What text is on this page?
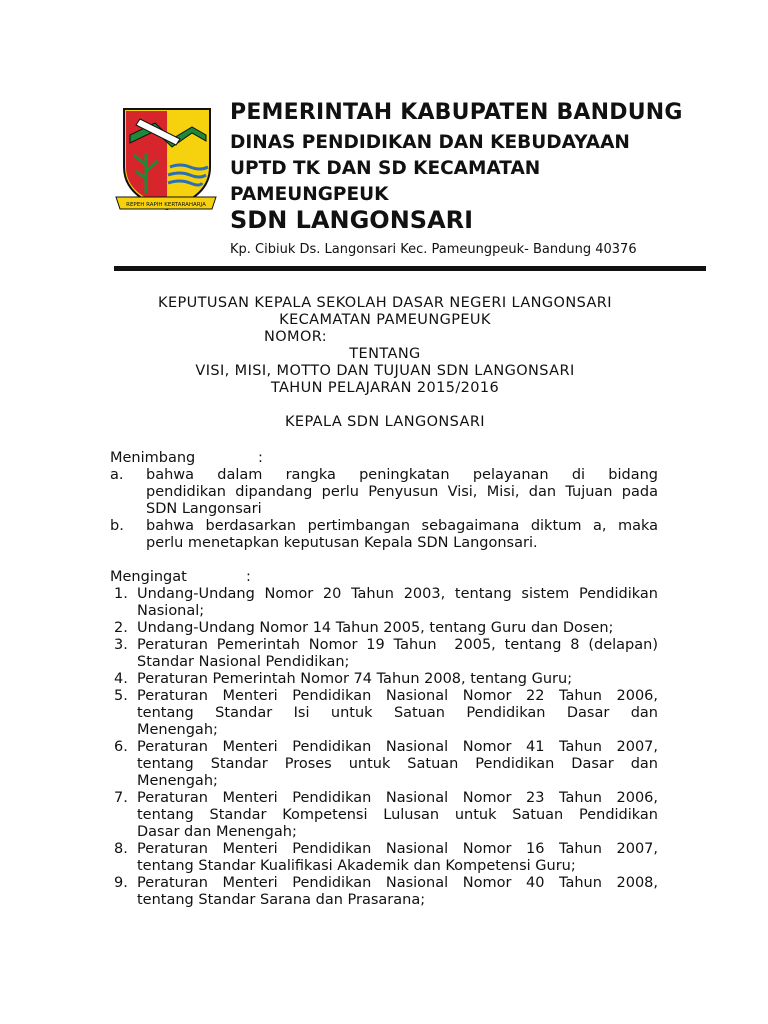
REPEH RAPIH KERTARAHARJA
PEMERINTAH KABUPATEN BANDUNG
DINAS PENDIDIKAN DAN KEBUDAYAAN
UPTD TK DAN SD KECAMATAN
PAMEUNGPEUK
SDN LANGONSARI
Kp. Cibiuk Ds. Langonsari Kec. Pameungpeuk- Bandung 40376
KEPUTUSAN KEPALA SEKOLAH DASAR NEGERI LANGONSARI
KECAMATAN PAMEUNGPEUK
NOMOR:
TENTANG
VISI, MISI, MOTTO DAN TUJUAN SDN LANGONSARI
TAHUN PELAJARAN 2015/2016
KEPALA SDN LANGONSARI
Menimbang	:
a. bahwa dalam rangka peningkatan pelayanan di bidang
pendidikan dipandang perlu Penyusun Visi, Misi, dan Tujuan pada
SDN Langonsari
b. bahwa berdasarkan pertimbangan sebagaimana diktum a, maka
perlu menetapkan keputusan Kepala SDN Langonsari.
Mengingat	:
1. Undang-Undang Nomor 20 Tahun 2003, tentang sistem Pendidikan
Nasional;
2. Undang-Undang Nomor 14 Tahun 2005, tentang Guru dan Dosen;
3. Peraturan Pemerintah Nomor 19 Tahun  2005, tentang 8 (delapan)
Standar Nasional Pendidikan;
4. Peraturan Pemerintah Nomor 74 Tahun 2008, tentang Guru;
5. Peraturan Menteri Pendidikan Nasional Nomor 22 Tahun 2006,
tentang Standar Isi untuk Satuan Pendidikan Dasar dan
Menengah;
6. Peraturan Menteri Pendidikan Nasional Nomor 41 Tahun 2007,
tentang Standar Proses untuk Satuan Pendidikan Dasar dan
Menengah;
7. Peraturan Menteri Pendidikan Nasional Nomor 23 Tahun 2006,
tentang Standar Kompetensi Lulusan untuk Satuan Pendidikan
Dasar dan Menengah;
8. Peraturan Menteri Pendidikan Nasional Nomor 16 Tahun 2007,
tentang Standar Kualifikasi Akademik dan Kompetensi Guru;
9. Peraturan Menteri Pendidikan Nasional Nomor 40 Tahun 2008,
tentang Standar Sarana dan Prasarana;
